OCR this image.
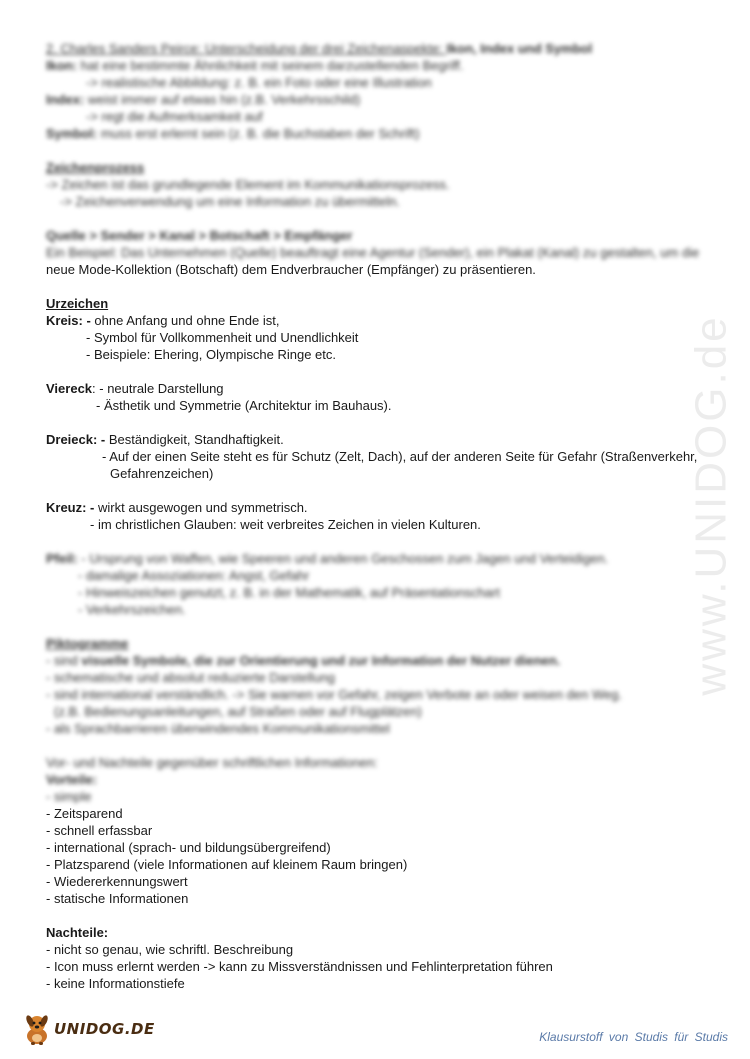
www.UNIDOG.de
2. Charles Sanders Peirce: Unterscheidung der drei Zeichenaspekte: Ikon, Index und Symbol
Ikon: hat eine bestimmte Ähnlichkeit mit seinem darzustellenden Begriff.
-> realistische Abbildung: z. B. ein Foto oder eine Illustration
Index: weist immer auf etwas hin (z.B. Verkehrsschild)
-> regt die Aufmerksamkeit auf
Symbol: muss erst erlernt sein (z. B. die Buchstaben der Schrift)
Zeichenprozess
-> Zeichen ist das grundlegende Element im Kommunikationsprozess.
-> Zeichenverwendung um eine Information zu übermitteln.
Quelle > Sender > Kanal > Botschaft > Empfänger
Ein Beispiel: Das Unternehmen (Quelle) beauftragt eine Agentur (Sender), ein Plakat (Kanal) zu gestalten, um die
neue Mode-Kollektion (Botschaft) dem Endverbraucher (Empfänger) zu präsentieren.
Urzeichen
Kreis: - ohne Anfang und ohne Ende ist,
- Symbol für Vollkommenheit und Unendlichkeit
- Beispiele: Ehering, Olympische Ringe etc.
Viereck: - neutrale Darstellung
- Ästhetik und Symmetrie (Architektur im Bauhaus).
Dreieck: - Beständigkeit, Standhaftigkeit.
- Auf der einen Seite steht es für Schutz (Zelt, Dach), auf der anderen Seite für Gefahr (Straßenverkehr,
Gefahrenzeichen)
Kreuz: - wirkt ausgewogen und symmetrisch.
- im christlichen Glauben: weit verbreites Zeichen in vielen Kulturen.
Pfeil: - Ursprung von Waffen, wie Speeren und anderen Geschossen zum Jagen und Verteidigen.
- damalige Assoziationen: Angst, Gefahr
- Hinweiszeichen genutzt, z. B. in der Mathematik, auf Präsentationschart
- Verkehrszeichen.
Piktogramme
- sind visuelle Symbole, die zur Orientierung und zur Information der Nutzer dienen.
- schematische und absolut reduzierte Darstellung
- sind international verständlich. -> Sie warnen vor Gefahr, zeigen Verbote an oder weisen den Weg.
(z.B. Bedienungsanleitungen, auf Straßen oder auf Flugplätzen)
- als Sprachbarrieren überwindendes Kommunikationsmittel
Vor- und Nachteile gegenüber schriftlichen Informationen:
Vorteile:
- simple
- Zeitsparend
- schnell erfassbar
- international (sprach- und bildungsübergreifend)
- Platzsparend (viele Informationen auf kleinem Raum bringen)
- Wiedererkennungswert
- statische Informationen
Nachteile:
- nicht so genau, wie schriftl. Beschreibung
- Icon muss erlernt werden -> kann zu Missverständnissen und Fehlinterpretation führen
- keine Informationstiefe
UNIDOG.DE	Klausurstoff von Studis für Studis
